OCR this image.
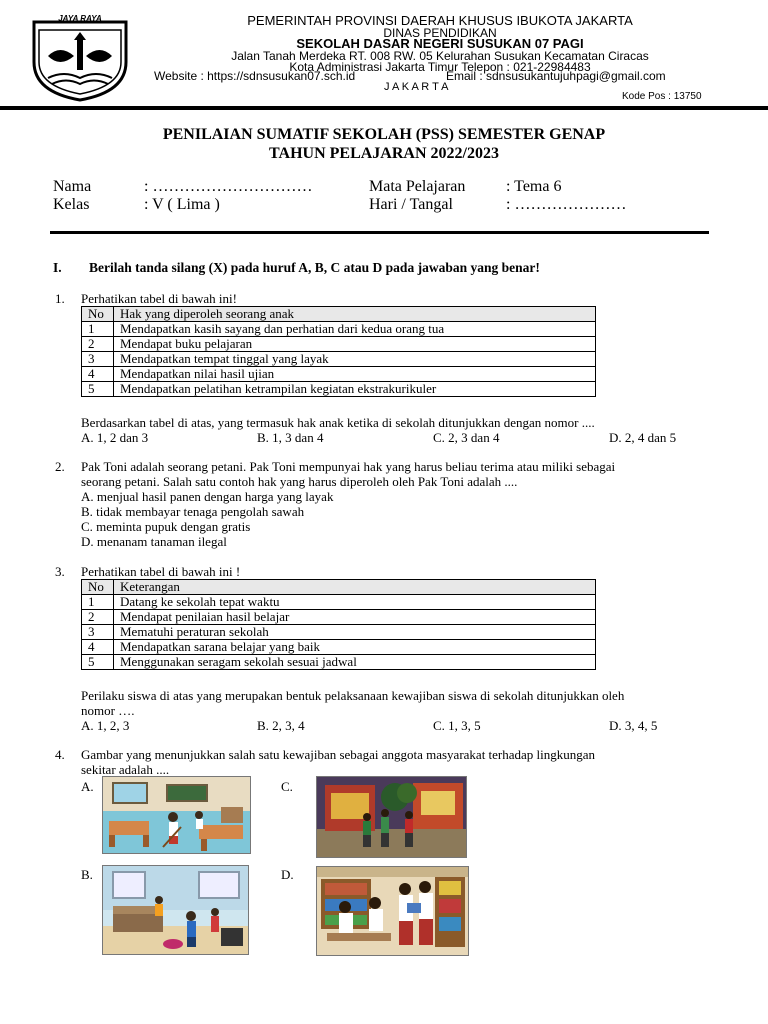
JAYA RAYA	PEMERINTAH PROVINSI DAERAH KHUSUS IBUKOTA JAKARTA
DINAS PENDIDIKAN
SEKOLAH DASAR NEGERI SUSUKAN 07 PAGI
Jalan Tanah Merdeka RT. 008 RW. 05 Kelurahan Susukan Kecamatan Ciracas
Kota Administrasi Jakarta Timur Telepon : 021-22984483
Website : https://sdnsusukan07.sch.id	Email : sdnsusukantujuhpagi@gmail.com
J A K A R T A
Kode Pos : 13750
PENILAIAN SUMATIF SEKOLAH (PSS) SEMESTER GENAP
TAHUN PELAJARAN 2022/2023
Nama	: …………………………
Kelas	: V ( Lima )
Mata Pelajaran	: Tema 6
Hari / Tangal	: …………………
I. Berilah tanda silang (X) pada huruf A, B, C atau D pada jawaban yang benar!
1. Perhatikan tabel di bawah ini!
No	Hak yang diperoleh seorang anak
1	Mendapatkan kasih sayang dan perhatian dari kedua orang tua
2	Mendapat buku pelajaran
3	Mendapatkan tempat tinggal yang layak
4	Mendapatkan nilai hasil ujian
5	Mendapatkan pelatihan ketrampilan kegiatan ekstrakurikuler
Berdasarkan tabel di atas, yang termasuk hak anak ketika di sekolah ditunjukkan dengan nomor ....
A. 1, 2 dan 3	B. 1, 3 dan 4	C. 2, 3 dan 4	D. 2, 4 dan 5
2. Pak Toni adalah seorang petani. Pak Toni mempunyai hak yang harus beliau terima atau miliki sebagai
seorang petani. Salah satu contoh hak yang harus diperoleh oleh Pak Toni adalah ....
A. menjual hasil panen dengan harga yang layak
B. tidak membayar tenaga pengolah sawah
C. meminta pupuk dengan gratis
D. menanam tanaman ilegal
3. Perhatikan tabel di bawah ini !
No	Keterangan
1	Datang ke sekolah tepat waktu
2	Mendapat penilaian hasil belajar
3	Mematuhi peraturan sekolah
4	Mendapatkan sarana belajar yang baik
5	Menggunakan seragam sekolah sesuai jadwal
Perilaku siswa di atas yang merupakan bentuk pelaksanaan kewajiban siswa di sekolah ditunjukkan oleh
nomor ….
A. 1, 2, 3	B. 2, 3, 4	C. 1, 3, 5	D. 3, 4, 5
4. Gambar yang menunjukkan salah satu kewajiban sebagai anggota masyarakat terhadap lingkungan
sekitar adalah ....
A.	C.
B.	D.
